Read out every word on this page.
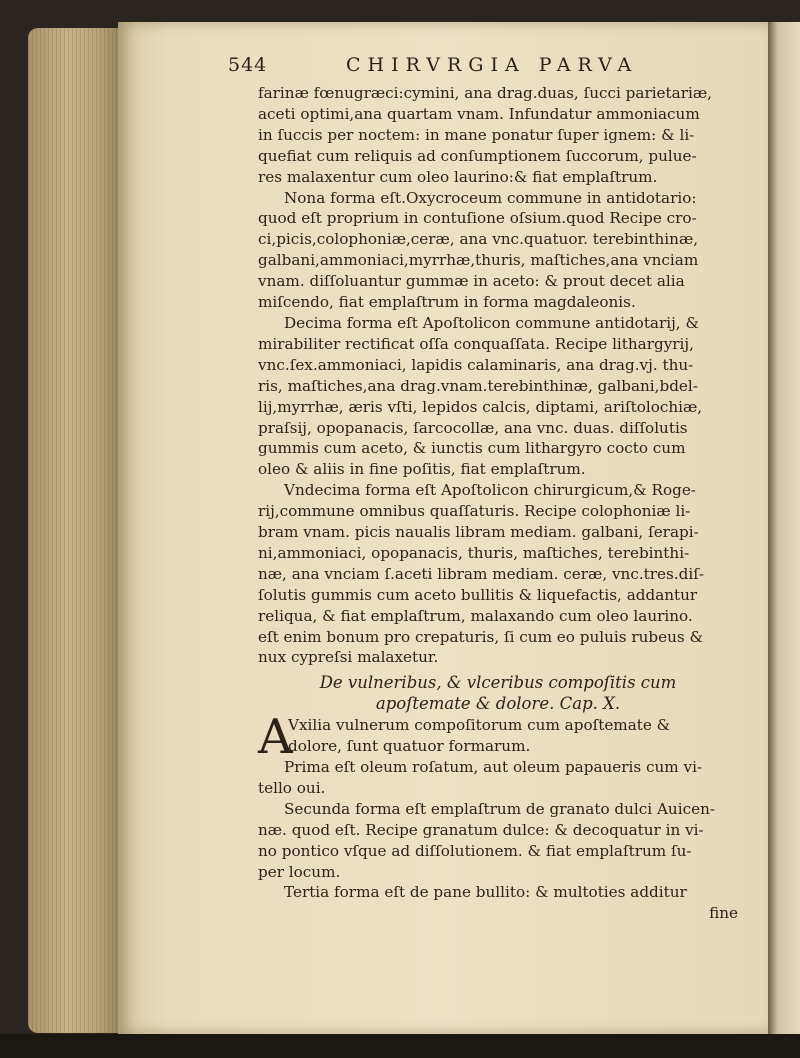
544	CHIRVRGIA PARVA
farinæ fœnugræci:cymini, ana drag.duas, ſucci parietariæ,
aceti optimi,ana quartam vnam. Infundatur ammoniacum
in ſuccis per noctem: in mane ponatur ſuper ignem: & li-
quefiat cum reliquis ad conſumptionem ſuccorum, pulue-
res malaxentur cum oleo laurino:& fiat emplaſtrum.
Nona forma eſt.Oxycroceum commune in antidotario:
quod eſt proprium in contuſione oſsium.quod Recipe cro-
ci,picis,colophoniæ,ceræ, ana vnc.quatuor. terebinthinæ,
galbani,ammoniaci,myrrhæ,thuris, maſtiches,ana vnciam
vnam. diſſoluantur gummæ in aceto: & prout decet alia
miſcendo, fiat emplaſtrum in forma magdaleonis.
Decima forma eſt Apoſtolicon commune antidotarij, &
mirabiliter rectificat oſſa conquaſſata. Recipe lithargyrij,
vnc.ſex.ammoniaci, lapidis calaminaris, ana drag.vj. thu-
ris, maſtiches,ana drag.vnam.terebinthinæ, galbani,bdel-
lij,myrrhæ, æris vſti, lepidos calcis, diptami, ariſtolochiæ,
praſsij, opopanacis, ſarcocollæ, ana vnc. duas. diſſolutis
gummis cum aceto, & iunctis cum lithargyro cocto cum
oleo & aliis in fine poſitis, fiat emplaſtrum.
Vndecima forma eſt Apoſtolicon chirurgicum,& Roge-
rij,commune omnibus quaſſaturis. Recipe colophoniæ li-
bram vnam. picis naualis libram mediam. galbani, ſerapi-
ni,ammoniaci, opopanacis, thuris, maſtiches, terebinthi-
næ, ana vnciam ſ.aceti libram mediam. ceræ, vnc.tres.diſ-
ſolutis gummis cum aceto bullitis & liquefactis, addantur
reliqua, & fiat emplaſtrum, malaxando cum oleo laurino.
eſt enim bonum pro crepaturis, ſi cum eo puluis rubeus &
nux cypreſsi malaxetur.
De vulneribus, & vlceribus compoſitis cum
apoſtemate & dolore. Cap. X.
A
Vxilia vulnerum compoſitorum cum apoſtemate &
dolore, ſunt quatuor formarum.
Prima eſt oleum roſatum, aut oleum papaueris cum vi-
tello oui.
Secunda forma eſt emplaſtrum de granato dulci Auicen-
næ. quod eſt. Recipe granatum dulce: & decoquatur in vi-
no pontico vſque ad diſſolutionem. & fiat emplaſtrum ſu-
per locum.
Tertia forma eſt de pane bullito: & multoties additur
fine
